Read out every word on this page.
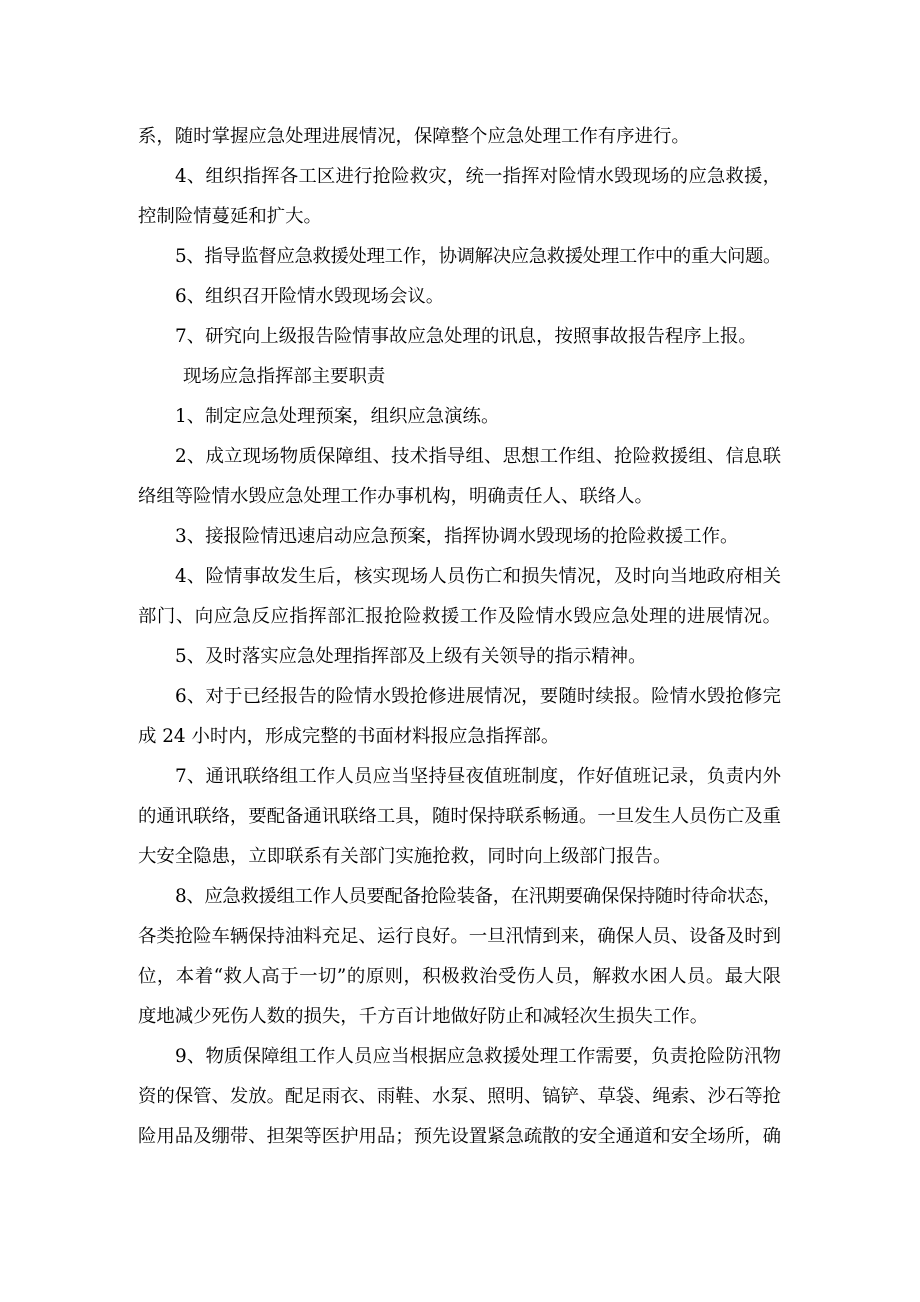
系，随时掌握应急处理进展情况，保障整个应急处理工作有序进行。
4、组织指挥各工区进行抢险救灾，统一指挥对险情水毁现场的应急救援，
控制险情蔓延和扩大。
5、指导监督应急救援处理工作，协调解决应急救援处理工作中的重大问题。
6、组织召开险情水毁现场会议。
7、研究向上级报告险情事故应急处理的讯息，按照事故报告程序上报。
现场应急指挥部主要职责
1、制定应急处理预案，组织应急演练。
2、成立现场物质保障组、技术指导组、思想工作组、抢险救援组、信息联
络组等险情水毁应急处理工作办事机构，明确责任人、联络人。
3、接报险情迅速启动应急预案，指挥协调水毁现场的抢险救援工作。
4、险情事故发生后，核实现场人员伤亡和损失情况，及时向当地政府相关
部门、向应急反应指挥部汇报抢险救援工作及险情水毁应急处理的进展情况。
5、及时落实应急处理指挥部及上级有关领导的指示精神。
6、对于已经报告的险情水毁抢修进展情况，要随时续报。险情水毁抢修完
成 24 小时内，形成完整的书面材料报应急指挥部。
7、通讯联络组工作人员应当坚持昼夜值班制度，作好值班记录，负责内外
的通讯联络，要配备通讯联络工具，随时保持联系畅通。一旦发生人员伤亡及重
大安全隐患，立即联系有关部门实施抢救，同时向上级部门报告。
8、应急救援组工作人员要配备抢险装备，在汛期要确保保持随时待命状态，
各类抢险车辆保持油料充足、运行良好。一旦汛情到来，确保人员、设备及时到
位，本着“救人高于一切”的原则，积极救治受伤人员，解救水困人员。最大限
度地减少死伤人数的损失，千方百计地做好防止和减轻次生损失工作。
9、物质保障组工作人员应当根据应急救援处理工作需要，负责抢险防汛物
资的保管、发放。配足雨衣、雨鞋、水泵、照明、镐铲、草袋、绳索、沙石等抢
险用品及绷带、担架等医护用品；预先设置紧急疏散的安全通道和安全场所，确
